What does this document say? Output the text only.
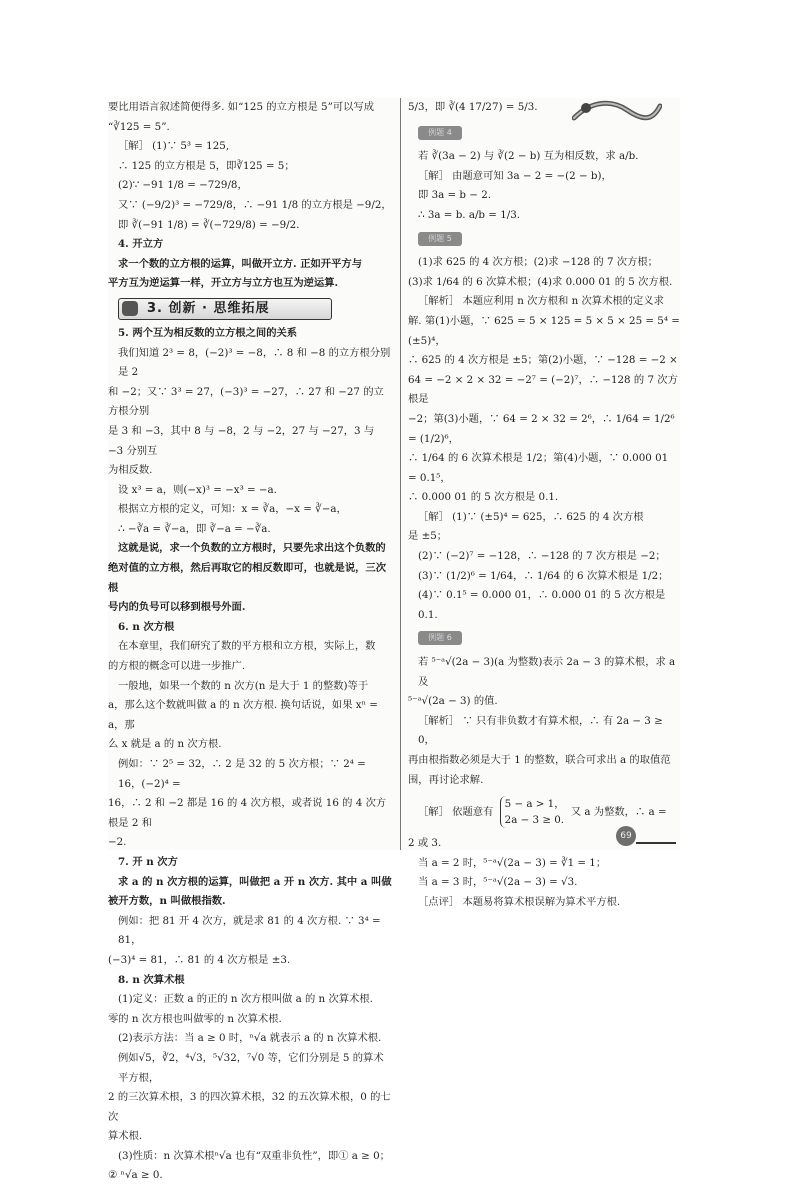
要比用语言叙述简便得多. 如“125 的立方根是 5”可以写成

“∛125 = 5”.

［解］ (1)∵ 5³ = 125,

∴ 125 的立方根是 5，即∛125 = 5；

(2)∵ −91 1/8 = −729/8，

又∵ (−9/2)³ = −729/8，∴ −91 1/8 的立方根是 −9/2，

即 ∛(−91 1/8) = ∛(−729/8) = −9/2.

4. 开立方

求一个数的立方根的运算，叫做开立方. 正如开平方与

平方互为逆运算一样，开立方与立方也互为逆运算.

3. 创新 · 思维拓展

5. 两个互为相反数的立方根之间的关系

我们知道 2³ = 8，(−2)³ = −8，∴ 8 和 −8 的立方根分别是 2

和 −2；又∵ 3³ = 27，(−3)³ = −27，∴ 27 和 −27 的立方根分别

是 3 和 −3，其中 8 与 −8，2 与 −2，27 与 −27，3 与 −3 分别互

为相反数.

设 x³ = a，则(−x)³ = −x³ = −a.

根据立方根的定义，可知：x = ∛a，−x = ∛−a，

∴ −∛a = ∛−a，即 ∛−a = −∛a.

这就是说，求一个负数的立方根时，只要先求出这个负数的

绝对值的立方根，然后再取它的相反数即可，也就是说，三次根

号内的负号可以移到根号外面.

6. n 次方根

在本章里，我们研究了数的平方根和立方根，实际上，数

的方根的概念可以进一步推广.

一般地，如果一个数的 n 次方(n 是大于 1 的整数)等于

a，那么这个数就叫做 a 的 n 次方根. 换句话说，如果 xⁿ = a，那

么 x 就是 a 的 n 次方根.

例如：∵ 2⁵ = 32，∴ 2 是 32 的 5 次方根；∵ 2⁴ = 16，(−2)⁴ =

16，∴ 2 和 −2 都是 16 的 4 次方根，或者说 16 的 4 次方根是 2 和

−2.

7. 开 n 次方

求 a 的 n 次方根的运算，叫做把 a 开 n 次方. 其中 a 叫做

被开方数，n 叫做根指数.

例如：把 81 开 4 次方，就是求 81 的 4 次方根. ∵ 3⁴ = 81，

(−3)⁴ = 81，∴ 81 的 4 次方根是 ±3.

8. n 次算术根

(1)定义：正数 a 的正的 n 次方根叫做 a 的 n 次算术根.

零的 n 次方根也叫做零的 n 次算术根.

(2)表示方法：当 a ≥ 0 时，ⁿ√a 就表示 a 的 n 次算术根.

例如√5，∛2，⁴√3，⁵√32，⁷√0 等，它们分别是 5 的算术平方根，

2 的三次算术根，3 的四次算术根，32 的五次算术根，0 的七次

算术根.

(3)性质：n 次算术根ⁿ√a 也有“双重非负性”，即① a ≥ 0；

② ⁿ√a ≥ 0.

5/3，即 ∛(4 17/27) = 5/3.

例题 4

若 ∛(3a − 2) 与 ∛(2 − b) 互为相反数，求 a/b.

［解］ 由题意可知 3a − 2 = −(2 − b)，

即 3a = b − 2.

∴ 3a = b. a/b = 1/3.

例题 5

(1)求 625 的 4 次方根；(2)求 −128 的 7 次方根；

(3)求 1/64 的 6 次算术根；(4)求 0.000 01 的 5 次方根.

［解析］ 本题应利用 n 次方根和 n 次算术根的定义求

解. 第(1)小题，∵ 625 = 5 × 125 = 5 × 5 × 25 = 5⁴ = (±5)⁴，

∴ 625 的 4 次方根是 ±5；第(2)小题，∵ −128 = −2 ×

64 = −2 × 2 × 32 = −2⁷ = (−2)⁷，∴ −128 的 7 次方根是

−2；第(3)小题，∵ 64 = 2 × 32 = 2⁶，∴ 1/64 = 1/2⁶ = (1/2)⁶，

∴ 1/64 的 6 次算术根是 1/2；第(4)小题，∵ 0.000 01 = 0.1⁵，

∴ 0.000 01 的 5 次方根是 0.1.

［解］ (1)∵ (±5)⁴ = 625，∴ 625 的 4 次方根

是 ±5；

(2)∵ (−2)⁷ = −128，∴ −128 的 7 次方根是 −2；

(3)∵ (1/2)⁶ = 1/64，∴ 1/64 的 6 次算术根是 1/2；

(4)∵ 0.1⁵ = 0.000 01，∴ 0.000 01 的 5 次方根是 0.1.

例题 6

若 ⁵⁻ᵃ√(2a − 3)(a 为整数)表示 2a − 3 的算术根，求 a 及

⁵⁻ᵃ√(2a − 3) 的值.

［解析］ ∵ 只有非负数才有算术根，∴ 有 2a − 3 ≥ 0，

再由根指数必须是大于 1 的整数，联合可求出 a 的取值范

围，再讨论求解.

［解］ 依题意有
5 − a > 1，
2a − 3 ≥ 0.
又 a 为整数，∴ a =

2 或 3.

当 a = 2 时，⁵⁻ᵃ√(2a − 3) = ∛1 = 1；

当 a = 3 时，⁵⁻ᵃ√(2a − 3) = √3.

［点评］ 本题易将算术根误解为算术平方根.

69
